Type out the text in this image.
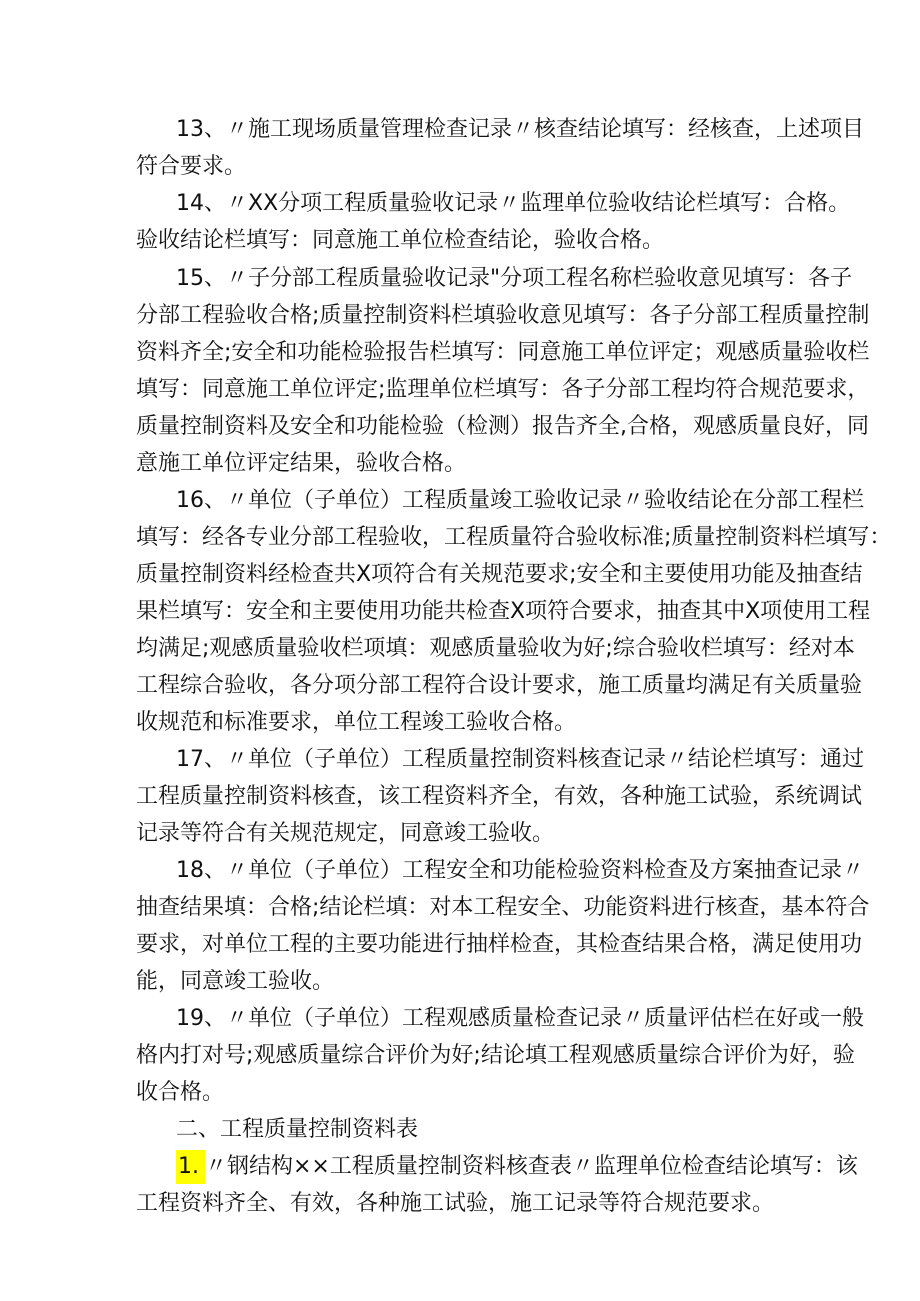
13、〃施工现场质量管理检查记录〃核查结论填写：经核查，上述项目
符合要求。
14、〃XX分项工程质量验收记录〃监理单位验收结论栏填写：合格。
验收结论栏填写：同意施工单位检查结论，验收合格。
15、〃子分部工程质量验收记录"分项工程名称栏验收意见填写：各子
分部工程验收合格;质量控制资料栏填验收意见填写：各子分部工程质量控制
资料齐全;安全和功能检验报告栏填写：同意施工单位评定；观感质量验收栏
填写：同意施工单位评定;监理单位栏填写：各子分部工程均符合规范要求，
质量控制资料及安全和功能检验（检测）报告齐全,合格，观感质量良好，同
意施工单位评定结果，验收合格。
16、〃单位（子单位）工程质量竣工验收记录〃验收结论在分部工程栏
填写：经各专业分部工程验收，工程质量符合验收标准;质量控制资料栏填写：
质量控制资料经检查共X项符合有关规范要求;安全和主要使用功能及抽查结
果栏填写：安全和主要使用功能共检查X项符合要求，抽查其中X项使用工程
均满足;观感质量验收栏项填：观感质量验收为好;综合验收栏填写：经对本
工程综合验收，各分项分部工程符合设计要求，施工质量均满足有关质量验
收规范和标准要求，单位工程竣工验收合格。
17、〃单位（子单位）工程质量控制资料核查记录〃结论栏填写：通过
工程质量控制资料核查，该工程资料齐全，有效，各种施工试验，系统调试
记录等符合有关规范规定，同意竣工验收。
18、〃单位（子单位）工程安全和功能检验资料检查及方案抽查记录〃
抽查结果填：合格;结论栏填：对本工程安全、功能资料进行核查，基本符合
要求，对单位工程的主要功能进行抽样检查，其检查结果合格，满足使用功
能，同意竣工验收。
19、〃单位（子单位）工程观感质量检查记录〃质量评估栏在好或一般
格内打对号;观感质量综合评价为好;结论填工程观感质量综合评价为好，验
收合格。
二、工程质量控制资料表
1. 〃钢结构××工程质量控制资料核查表〃监理单位检查结论填写：该
工程资料齐全、有效，各种施工试验，施工记录等符合规范要求。
